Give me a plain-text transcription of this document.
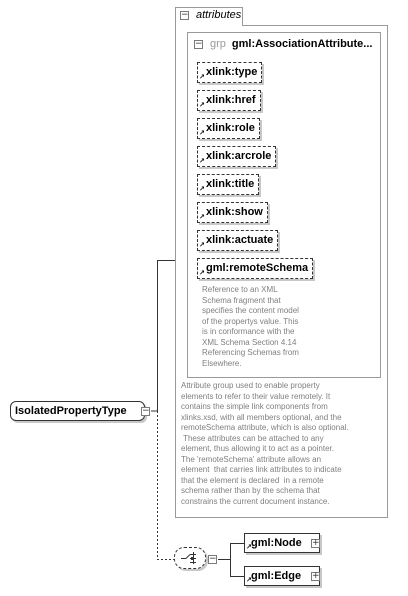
− attributes
− grp gml:AssociationAttribute...
↗ xlink:type
↗ xlink:href
↗ xlink:role
↗ xlink:arcrole
↗ xlink:title
↗ xlink:show
↗ xlink:actuate
↗ gml:remoteSchema
Reference to an XML
Schema fragment that
specifies the content model
of the propertys value. This
is in conformance with the
XML Schema Section 4.14
Referencing Schemas from
Elsewhere.
Attribute group used to enable property
elements to refer to their value remotely. It
contains the simple link components from
xlinks.xsd, with all members optional, and the
remoteSchema attribute, which is also optional.
These attributes can be attached to any
element, thus allowing it to act as a pointer.
The 'remoteSchema' attribute allows an
element  that carries link attributes to indicate
that the element is declared  in a remote
schema rather than by the schema that
constrains the current document instance.
IsolatedPropertyType	−
−
↗ gml:Node	+
↗ gml:Edge	+
